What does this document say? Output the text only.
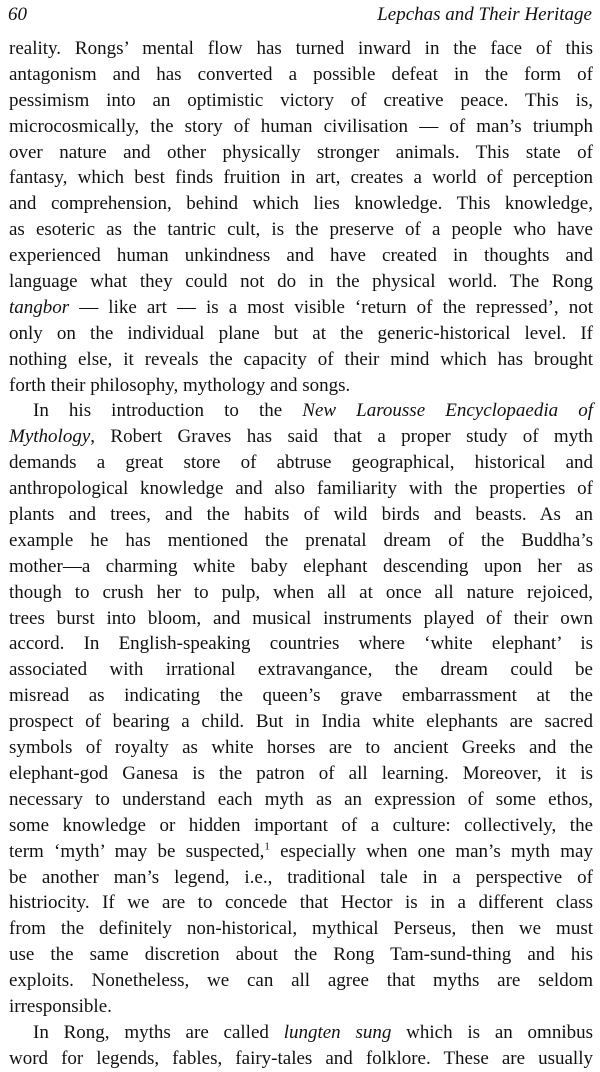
60	Lepchas and Their Heritage
reality. Rongs’ mental flow has turned inward in the face of this
antagonism and has converted a possible defeat in the form of
pessimism into an optimistic victory of creative peace. This is,
microcosmically, the story of human civilisation — of man’s triumph
over nature and other physically stronger animals. This state of
fantasy, which best finds fruition in art, creates a world of perception
and comprehension, behind which lies knowledge. This knowledge,
as esoteric as the tantric cult, is the preserve of a people who have
experienced human unkindness and have created in thoughts and
language what they could not do in the physical world. The Rong
tangbor — like art — is a most visible ‘return of the repressed’, not
only on the individual plane but at the generic-historical level. If
nothing else, it reveals the capacity of their mind which has brought
forth their philosophy, mythology and songs.
In his introduction to the New Larousse Encyclopaedia of
Mythology, Robert Graves has said that a proper study of myth
demands a great store of abtruse geographical, historical and
anthropological knowledge and also familiarity with the properties of
plants and trees, and the habits of wild birds and beasts. As an
example he has mentioned the prenatal dream of the Buddha’s
mother—a charming white baby elephant descending upon her as
though to crush her to pulp, when all at once all nature rejoiced,
trees burst into bloom, and musical instruments played of their own
accord. In English-speaking countries where ‘white elephant’ is
associated with irrational extravangance, the dream could be
misread as indicating the queen’s grave embarrassment at the
prospect of bearing a child. But in India white elephants are sacred
symbols of royalty as white horses are to ancient Greeks and the
elephant-god Ganesa is the patron of all learning. Moreover, it is
necessary to understand each myth as an expression of some ethos,
some knowledge or hidden important of a culture: collectively, the
term ‘myth’ may be suspected,$^1$ especially when one man’s myth may
be another man’s legend, i.e., traditional tale in a perspective of
histriocity. If we are to concede that Hector is in a different class
from the definitely non-historical, mythical Perseus, then we must
use the same discretion about the Rong Tam-sund-thing and his
exploits. Nonetheless, we can all agree that myths are seldom
irresponsible.
In Rong, myths are called lungten sung which is an omnibus
word for legends, fables, fairy-tales and folklore. These are usually
